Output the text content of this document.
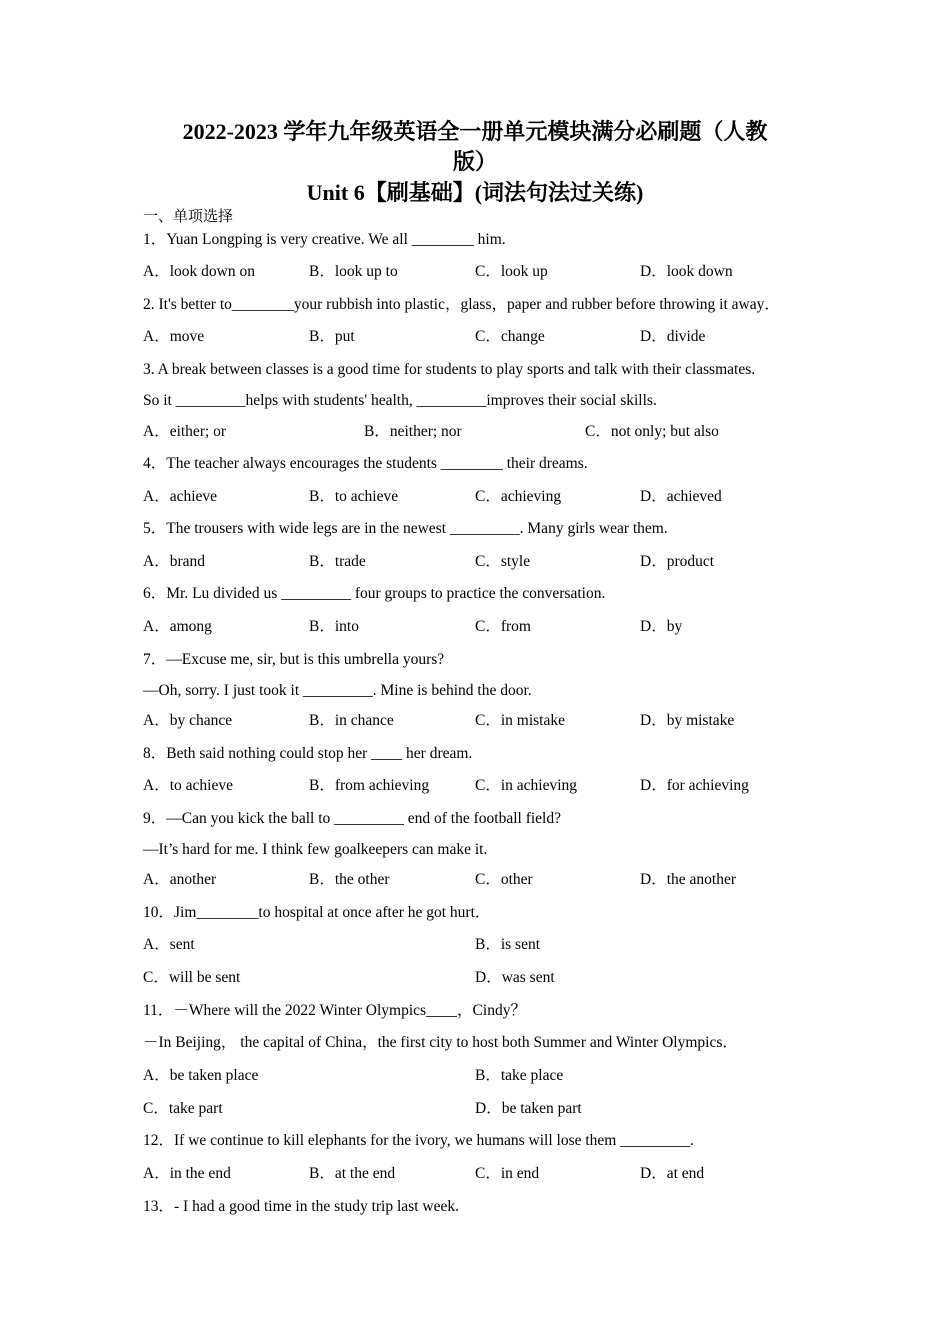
2022-2023 学年九年级英语全一册单元模块满分必刷题（人教
版）
Unit 6【刷基础】(词法句法过关练)
一、单项选择
1．Yuan Longping is very creative. We all ________ him.
A．look down on	B．look up to	C．look up	D．look down
2. It's better to________your rubbish into plastic，glass，paper and rubber before throwing it away．
A．move	B．put	C．change	D．divide
3. A break between classes is a good time for students to play sports and talk with their classmates.
So it _________helps with students' health, _________improves their social skills.
A．either; or	B．neither; nor	C．not only; but also
4．The teacher always encourages the students ________ their dreams.
A．achieve	B．to achieve	C．achieving	D．achieved
5．The trousers with wide legs are in the newest _________. Many girls wear them.
A．brand	B．trade	C．style	D．product
6．Mr. Lu divided us _________ four groups to practice the conversation.
A．among	B．into	C．from	D．by
7．—Excuse me, sir, but is this umbrella yours?
—Oh, sorry. I just took it _________. Mine is behind the door.
A．by chance	B．in chance	C．in mistake	D．by mistake
8．Beth said nothing could stop her ____ her dream.
A．to achieve	B．from achieving	C．in achieving	D．for achieving
9．—Can you kick the ball to _________ end of the football field?
—It’s hard for me. I think few goalkeepers can make it.
A．another	B．the other	C．other	D．the another
10．Jim________to hospital at once after he got hurt．
A．sent	B．is sent
C．will be sent	D．was sent
11．－Where will the 2022 Winter Olympics____，Cindy？
－In Beijing， the capital of China，the first city to host both Summer and Winter Olympics．
A．be taken place	B．take place
C．take part	D．be taken part
12．If we continue to kill elephants for the ivory, we humans will lose them _________.
A．in the end	B．at the end	C．in end	D．at end
13．- I had a good time in the study trip last week.
